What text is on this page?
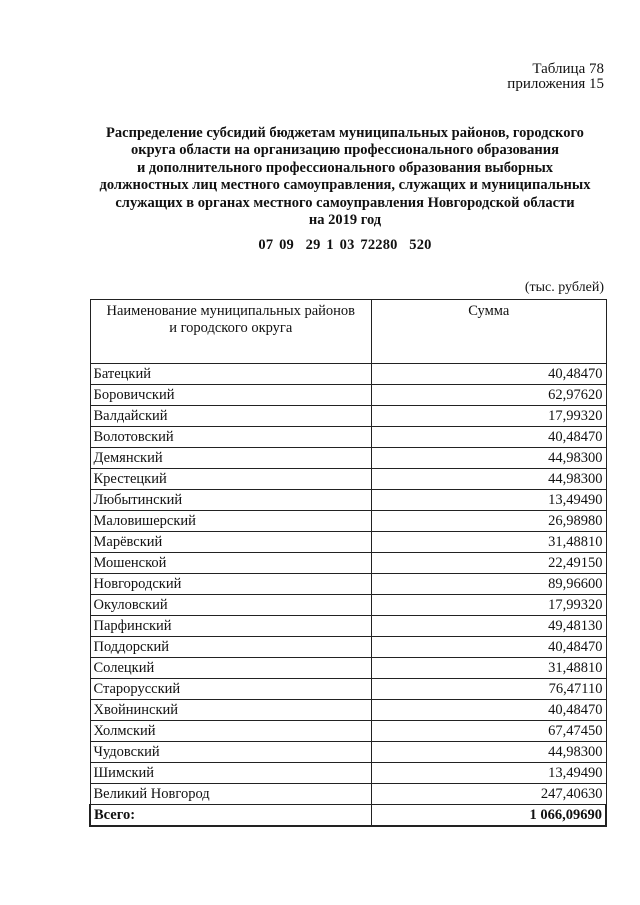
Таблица 78
приложения 15
Распределение субсидий бюджетам муниципальных районов, городского
округа области на организацию профессионального образования
и дополнительного профессионального образования выборных
должностных лиц местного самоуправления, служащих и муниципальных
служащих в органах местного самоуправления Новгородской области
на 2019 год
07 09  29 1 03 72280  520
(тыс. рублей)
Наименование муниципальных районов
и городского округа	Сумма
Батецкий	40,48470
Боровичский	62,97620
Валдайский	17,99320
Волотовский	40,48470
Демянский	44,98300
Крестецкий	44,98300
Любытинский	13,49490
Маловишерский	26,98980
Марёвский	31,48810
Мошенской	22,49150
Новгородский	89,96600
Окуловский	17,99320
Парфинский	49,48130
Поддорский	40,48470
Солецкий	31,48810
Старорусский	76,47110
Хвойнинский	40,48470
Холмский	67,47450
Чудовский	44,98300
Шимский	13,49490
Великий Новгород	247,40630
Всего:	1 066,09690
